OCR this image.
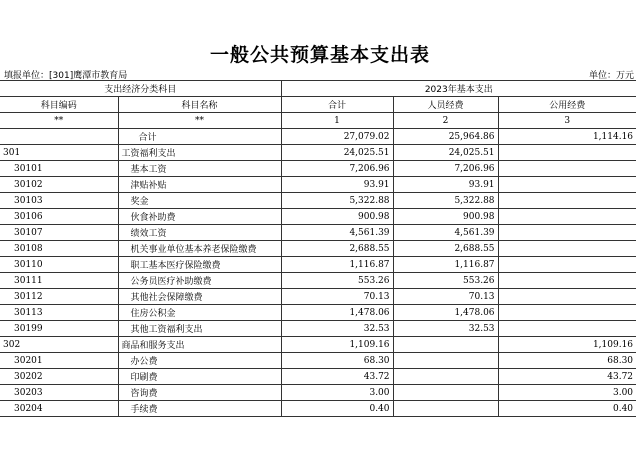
一般公共预算基本支出表
填报单位：[301]鹰潭市教育局	单位：万元
支出经济分类科目		2023年基本支出		
科目编码	科目名称	合计	人员经费	公用经费
**	**	1	2	3
	合计	27,079.02	25,964.86	1,114.16
301	工资福利支出	24,025.51	24,025.51	
30101	基本工资	7,206.96	7,206.96	
30102	津贴补贴	93.91	93.91	
30103	奖金	5,322.88	5,322.88	
30106	伙食补助费	900.98	900.98	
30107	绩效工资	4,561.39	4,561.39	
30108	机关事业单位基本养老保险缴费	2,688.55	2,688.55	
30110	职工基本医疗保险缴费	1,116.87	1,116.87	
30111	公务员医疗补助缴费	553.26	553.26	
30112	其他社会保障缴费	70.13	70.13	
30113	住房公积金	1,478.06	1,478.06	
30199	其他工资福利支出	32.53	32.53	
302	商品和服务支出	1,109.16		1,109.16
30201	办公费	68.30		68.30
30202	印刷费	43.72		43.72
30203	咨询费	3.00		3.00
30204	手续费	0.40		0.40
